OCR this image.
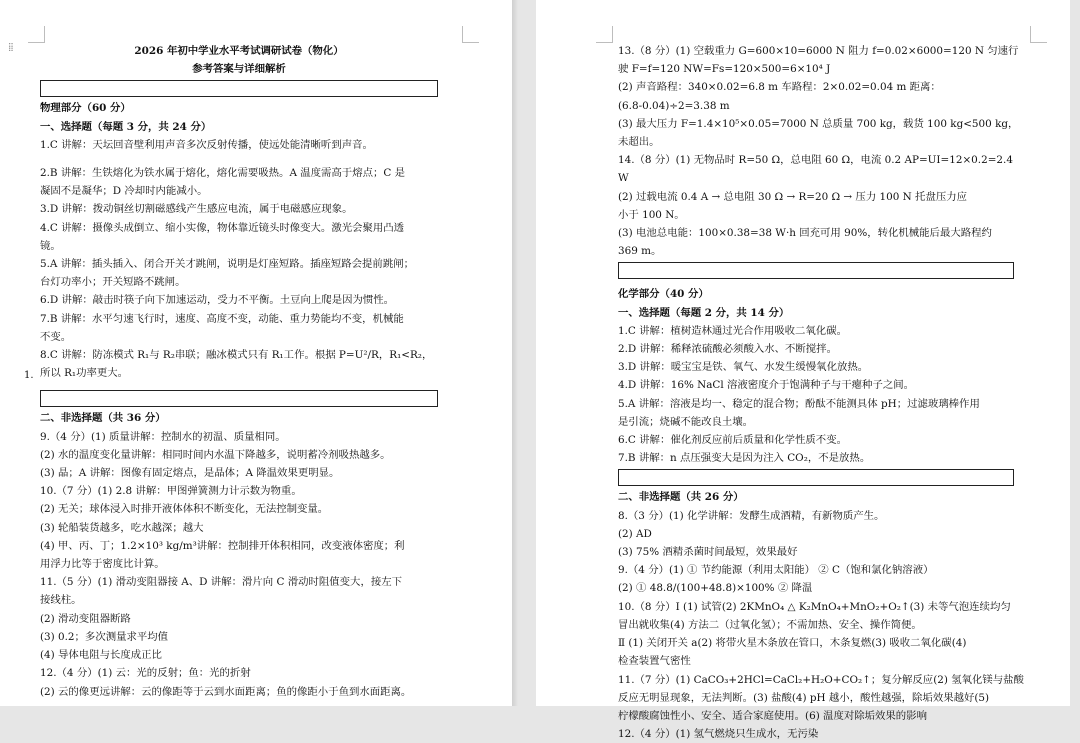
⁞⁞
1.
2026 年初中学业水平考试调研试卷（物化）
参考答案与详细解析
物理部分（60 分）
一、选择题（每题 3 分，共 24 分）
1.C 讲解：天坛回音壁利用声音多次反射传播，使远处能清晰听到声音。
2.B 讲解：生铁熔化为铁水属于熔化，熔化需要吸热。A 温度需高于熔点；C 是
凝固不是凝华；D 冷却时内能减小。
3.D 讲解：拨动铜丝切割磁感线产生感应电流，属于电磁感应现象。
4.C 讲解：摄像头成倒立、缩小实像，物体靠近镜头时像变大。激光会聚用凸透
镜。
5.A 讲解：插头插入、闭合开关才跳闸，说明是灯座短路。插座短路会提前跳闸；
台灯功率小；开关短路不跳闸。
6.D 讲解：敲击时筷子向下加速运动，受力不平衡。土豆向上爬是因为惯性。
7.B 讲解：水平匀速飞行时，速度、高度不变，动能、重力势能均不变，机械能
不变。
8.C 讲解：防冻模式 R₁与 R₂串联；融冰模式只有 R₁工作。根据 P=U²/R，R₁<R₂，
所以 R₁功率更大。
二、非选择题（共 36 分）
9.（4 分）(1) 质量讲解：控制水的初温、质量相同。
(2) 水的温度变化量讲解：相同时间内水温下降越多，说明蓄冷剂吸热越多。
(3) 晶；A 讲解：图像有固定熔点，是晶体；A 降温效果更明显。
10.（7 分）(1) 2.8 讲解：甲图弹簧测力计示数为物重。
(2) 无关；球体浸入时排开液体体积不断变化，无法控制变量。
(3) 轮船装货越多，吃水越深；越大
(4) 甲、丙、丁；1.2×10³ kg/m³讲解：控制排开体积相同，改变液体密度；利
用浮力比等于密度比计算。
11.（5 分）(1) 滑动变阻器接 A、D 讲解：滑片向 C 滑动时阻值变大，接左下
接线柱。
(2) 滑动变阻器断路
(3) 0.2；多次测量求平均值
(4) 导体电阻与长度成正比
12.（4 分）(1) 云：光的反射；鱼：光的折射
(2) 云的像更远讲解：云的像距等于云到水面距离；鱼的像距小于鱼到水面距离。
13.（8 分）(1) 空载重力 G=600×10=6000 N 阻力 f=0.02×6000=120 N 匀速行
驶 F=f=120 NW=Fs=120×500=6×10⁴ J
(2) 声音路程：340×0.02=6.8 m 车路程：2×0.02=0.04 m 距离：
(6.8-0.04)÷2=3.38 m
(3) 最大压力 F=1.4×10⁵×0.05=7000 N 总质量 700 kg，载货 100 kg<500 kg，
未超出。
14.（8 分）(1) 无物品时 R=50 Ω，总电阻 60 Ω，电流 0.2 AP=UI=12×0.2=2.4
W
(2) 过载电流 0.4 A → 总电阻 30 Ω → R=20 Ω → 压力 100 N 托盘压力应
小于 100 N。
(3) 电池总电能：100×0.38=38 W·h 回充可用 90%，转化机械能后最大路程约
369 m。
化学部分（40 分）
一、选择题（每题 2 分，共 14 分）
1.C 讲解：植树造林通过光合作用吸收二氧化碳。
2.D 讲解：稀释浓硫酸必须酸入水、不断搅拌。
3.D 讲解：暖宝宝是铁、氧气、水发生缓慢氧化放热。
4.D 讲解：16% NaCl 溶液密度介于饱满种子与干瘪种子之间。
5.A 讲解：溶液是均一、稳定的混合物；酚酞不能测具体 pH；过滤玻璃棒作用
是引流；烧碱不能改良土壤。
6.C 讲解：催化剂反应前后质量和化学性质不变。
7.B 讲解：n 点压强变大是因为注入 CO₂，不是放热。
二、非选择题（共 26 分）
8.（3 分）(1) 化学讲解：发酵生成酒精，有新物质产生。
(2) AD
(3) 75% 酒精杀菌时间最短，效果最好
9.（4 分）(1) ① 节约能源（利用太阳能） ② C（饱和氯化钠溶液）
(2) ① 48.8/(100+48.8)×100% ② 降温
10.（8 分）Ⅰ (1) 试管(2) 2KMnO₄ △ K₂MnO₄+MnO₂+O₂↑(3) 未等气泡连续均匀
冒出就收集(4) 方法二（过氧化氢）；不需加热、安全、操作简便。
Ⅱ (1) 关闭开关 a(2) 将带火星木条放在管口，木条复燃(3) 吸收二氧化碳(4)
检查装置气密性
11.（7 分）(1) CaCO₃+2HCl=CaCl₂+H₂O+CO₂↑；复分解反应(2) 氢氧化镁与盐酸
反应无明显现象，无法判断。(3) 盐酸(4) pH 越小，酸性越强，除垢效果越好(5)
柠檬酸腐蚀性小、安全、适合家庭使用。(6) 温度对除垢效果的影响
12.（4 分）(1) 氢气燃烧只生成水，无污染
